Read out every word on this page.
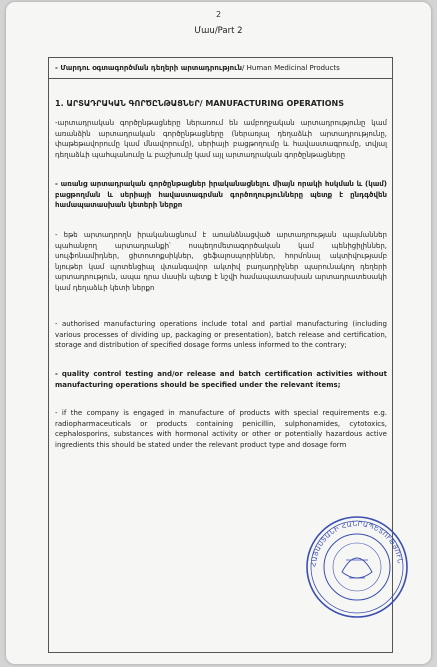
2
Մաս/Part 2
- Մարդու օգտագործման դեղերի արտադրություն/ Human Medicinal Products
1. ԱՐՏԱԴՐԱԿԱՆ ԳՈՐԾԸՆԹԱՑՆԵՐ/ MANUFACTURING OPERATIONS
-արտադրական գործընթացները ներառում են ամբողջական արտադրությունը կամ առանձին արտադրական գործընթացները (ներառյալ դեղաձևի արտադրությունը, փաթեթավորումը կամ մնավորումը), սերիայի բացթողումը և հավաստագրումը, տվյալ դեղաձևի պահպանումը և բաշխումը կամ այլ արտադրական գործընթացները
- առանց արտադրական գործընթացներ իրականացնելու միայն որակի հսկման և (կամ) բացթողման և սերիայի հավաստագրման գործողությունները պետք է ընդգծվեն համապատասխան կետերի ներքո
- եթե արտադրողն իրականացնում է առանձնացված արտադրության պայմաններ պահանջող արտադրանքի՝ ոսպեղոմետագործական կամ պենիցիլիններ, սուլֆոնամիդներ, ցիտոտոքսիկներ, ցեֆալոսպորիններ, հորմոնալ ակտիվությամբ նյութեր կամ պոտենցիալ վտանգավոր ակտիվ բաղադրիչներ պարունակող դեղերի արտադրություն, ապա դրա մասին պետք է նշվի համապատասխան արտադրատեսակի կամ դեղաձևի կետի ներքո
- authorised manufacturing operations include total and partial manufacturing (including various processes of dividing up, packaging or presentation), batch release and certification, storage and distribution of specified dosage forms unless informed to the contrary;
- quality control testing and/or release and batch certification activities without manufacturing operations should be specified under the relevant items;
- if the company is engaged in manufacture of products with special requirements e.g. radiopharmaceuticals or products containing penicillin, sulphonamides, cytotoxics, cephalosporins, substances with hormonal activity or other or potentially hazardous active ingredients this should be stated under the relevant product type and dosage form
ՀԱՅԱՍՏԱՆԻ ՀԱՆՐԱՊԵՏՈՒԹՅՈՒՆ
